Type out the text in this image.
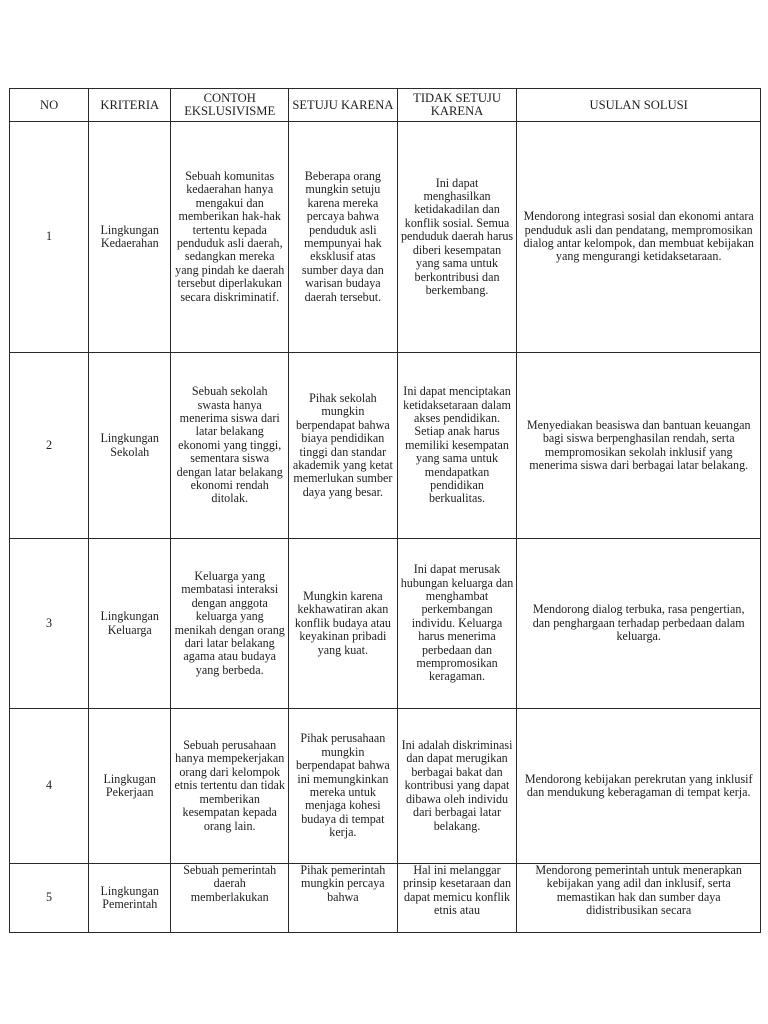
NO	KRITERIA	CONTOH EKSLUSIVISME	SETUJU KARENA	TIDAK SETUJU KARENA	USULAN SOLUSI
1	Lingkungan Kedaerahan	Sebuah komunitas kedaerahan hanya mengakui dan memberikan hak-hak tertentu kepada penduduk asli daerah, sedangkan mereka yang pindah ke daerah tersebut diperlakukan secara diskriminatif.	Beberapa orang mungkin setuju karena mereka percaya bahwa penduduk asli mempunyai hak eksklusif atas sumber daya dan warisan budaya daerah tersebut.	Ini dapat menghasilkan ketidakadilan dan konflik sosial. Semua penduduk daerah harus diberi kesempatan yang sama untuk berkontribusi dan berkembang.	Mendorong integrasi sosial dan ekonomi antara penduduk asli dan pendatang, mempromosikan dialog antar kelompok, dan membuat kebijakan yang mengurangi ketidaksetaraan.
2	Lingkungan Sekolah	Sebuah sekolah swasta hanya menerima siswa dari latar belakang ekonomi yang tinggi, sementara siswa dengan latar belakang ekonomi rendah ditolak.	Pihak sekolah mungkin berpendapat bahwa biaya pendidikan tinggi dan standar akademik yang ketat memerlukan sumber daya yang besar.	Ini dapat menciptakan ketidaksetaraan dalam akses pendidikan. Setiap anak harus memiliki kesempatan yang sama untuk mendapatkan pendidikan berkualitas.	Menyediakan beasiswa dan bantuan keuangan bagi siswa berpenghasilan rendah, serta mempromosikan sekolah inklusif yang menerima siswa dari berbagai latar belakang.
3	Lingkungan Keluarga	Keluarga yang membatasi interaksi dengan anggota keluarga yang menikah dengan orang dari latar belakang agama atau budaya yang berbeda.	Mungkin karena kekhawatiran akan konflik budaya atau keyakinan pribadi yang kuat.	Ini dapat merusak hubungan keluarga dan menghambat perkembangan individu. Keluarga harus menerima perbedaan dan mempromosikan keragaman.	Mendorong dialog terbuka, rasa pengertian, dan penghargaan terhadap perbedaan dalam keluarga.
4	Lingkugan Pekerjaan	Sebuah perusahaan hanya mempekerjakan orang dari kelompok etnis tertentu dan tidak memberikan kesempatan kepada orang lain.	Pihak perusahaan mungkin berpendapat bahwa ini memungkinkan mereka untuk menjaga kohesi budaya di tempat kerja.	Ini adalah diskriminasi dan dapat merugikan berbagai bakat dan kontribusi yang dapat dibawa oleh individu dari berbagai latar belakang.	Mendorong kebijakan perekrutan yang inklusif dan mendukung keberagaman di tempat kerja.
5	Lingkungan Pemerintah	Sebuah pemerintah daerah memberlakukan	Pihak pemerintah mungkin percaya bahwa	Hal ini melanggar prinsip kesetaraan dan dapat memicu konflik etnis atau	Mendorong pemerintah untuk menerapkan kebijakan yang adil dan inklusif, serta memastikan hak dan sumber daya didistribusikan secara
